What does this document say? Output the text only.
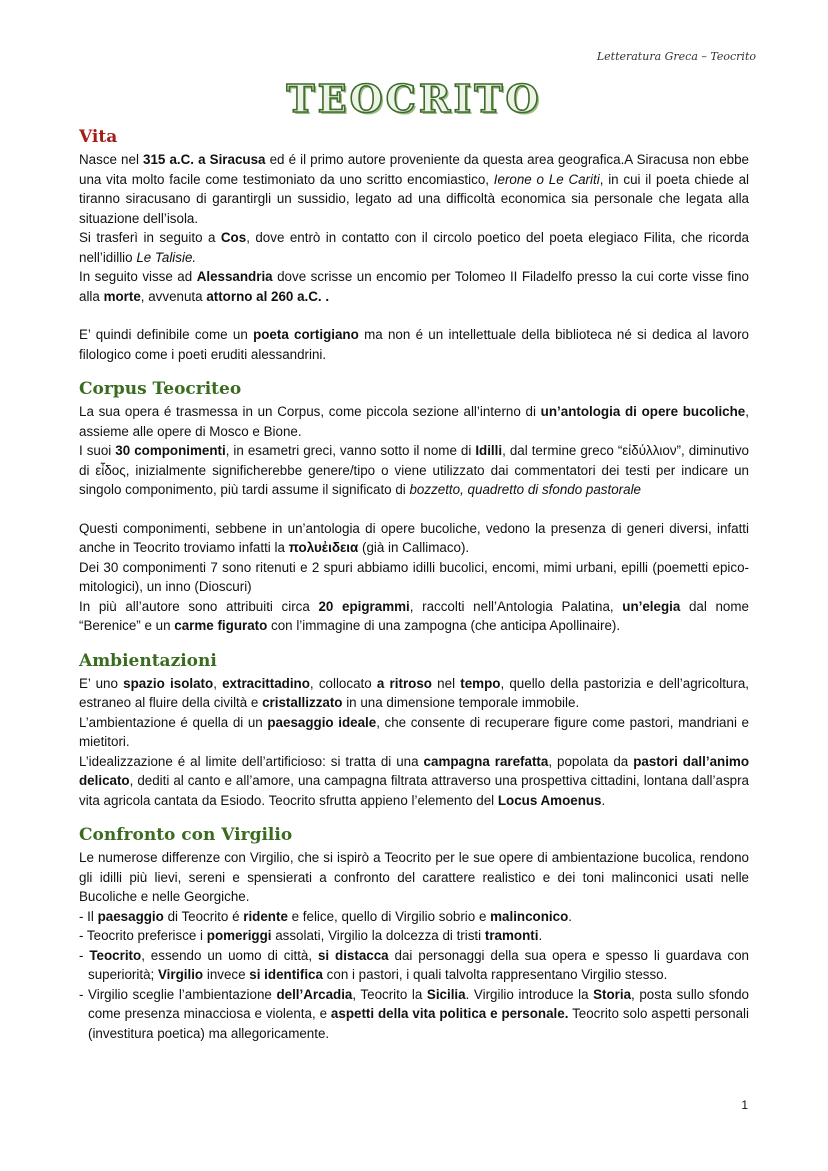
Letteratura Greca – Teocrito
TEOCRITO
Vita

Nasce nel 315 a.C. a Siracusa ed é il primo autore proveniente da questa area geografica.A Siracusa non ebbe una vita molto facile come testimoniato da uno scritto encomiastico, Ierone o Le Cariti, in cui il poeta chiede al tiranno siracusano di garantirgli un sussidio, legato ad una difficoltà economica sia personale che legata alla situazione dell’isola.

Si trasferì in seguito a Cos, dove entrò in contatto con il circolo poetico del poeta elegiaco Filita, che ricorda nell’idillio Le Talisie.

In seguito visse ad Alessandria dove scrisse un encomio per Tolomeo II Filadelfo presso la cui corte visse fino alla morte, avvenuta attorno al 260 a.C. .

E’ quindi definibile come un poeta cortigiano ma non é un intellettuale della biblioteca né si dedica al lavoro filologico come i poeti eruditi alessandrini.

Corpus Teocriteo

La sua opera é trasmessa in un Corpus, come piccola sezione all’interno di un’antologia di opere bucoliche, assieme alle opere di Mosco e Bione.

I suoi 30 componimenti, in esametri greci, vanno sotto il nome di Idilli, dal termine greco “εἰδύλλιον”, diminutivo di εἶδος, inizialmente significherebbe genere/tipo o viene utilizzato dai commentatori dei testi per indicare un singolo componimento, più tardi assume il significato di bozzetto, quadretto di sfondo pastorale

Questi componimenti, sebbene in un’antologia di opere bucoliche, vedono la presenza di generi diversi, infatti anche in Teocrito troviamo infatti la πολυἐιδεια (già in Callimaco).

Dei 30 componimenti 7 sono ritenuti e 2 spuri abbiamo idilli bucolici, encomi, mimi urbani, epilli (poemetti epico-mitologici), un inno (Dioscuri)

In più all’autore sono attribuiti circa 20 epigrammi, raccolti nell’Antologia Palatina, un’elegia dal nome “Berenice” e un carme figurato con l’immagine di una zampogna (che anticipa Apollinaire).

Ambientazioni

E’ uno spazio isolato, extracittadino, collocato a ritroso nel tempo, quello della pastorizia e dell’agricoltura, estraneo al fluire della civiltà e cristallizzato in una dimensione temporale immobile.

L’ambientazione é quella di un paesaggio ideale, che consente di recuperare figure come pastori, mandriani e mietitori.

L’idealizzazione é al limite dell’artificioso: si tratta di una campagna rarefatta, popolata da pastori dall’animo delicato, dediti al canto e all’amore, una campagna filtrata attraverso una prospettiva cittadini, lontana dall’aspra vita agricola cantata da Esiodo. Teocrito sfrutta appieno l’elemento del Locus Amoenus.

Confronto con Virgilio

Le numerose differenze con Virgilio, che si ispirò a Teocrito per le sue opere di ambientazione bucolica, rendono gli idilli più lievi, sereni e spensierati a confronto del carattere realistico e dei toni malinconici usati nelle Bucoliche e nelle Georgiche.

- Il paesaggio di Teocrito é ridente e felice, quello di Virgilio sobrio e malinconico.
- Teocrito preferisce i pomeriggi assolati, Virgilio la dolcezza di tristi tramonti.
- Teocrito, essendo un uomo di città, si distacca dai personaggi della sua opera e spesso li guardava con superiorità; Virgilio invece si identifica con i pastori, i quali talvolta rappresentano Virgilio stesso.
- Virgilio sceglie l’ambientazione dell’Arcadia, Teocrito la Sicilia. Virgilio introduce la Storia, posta sullo sfondo come presenza minacciosa e violenta, e aspetti della vita politica e personale. Teocrito solo aspetti personali (investitura poetica) ma allegoricamente.
1
